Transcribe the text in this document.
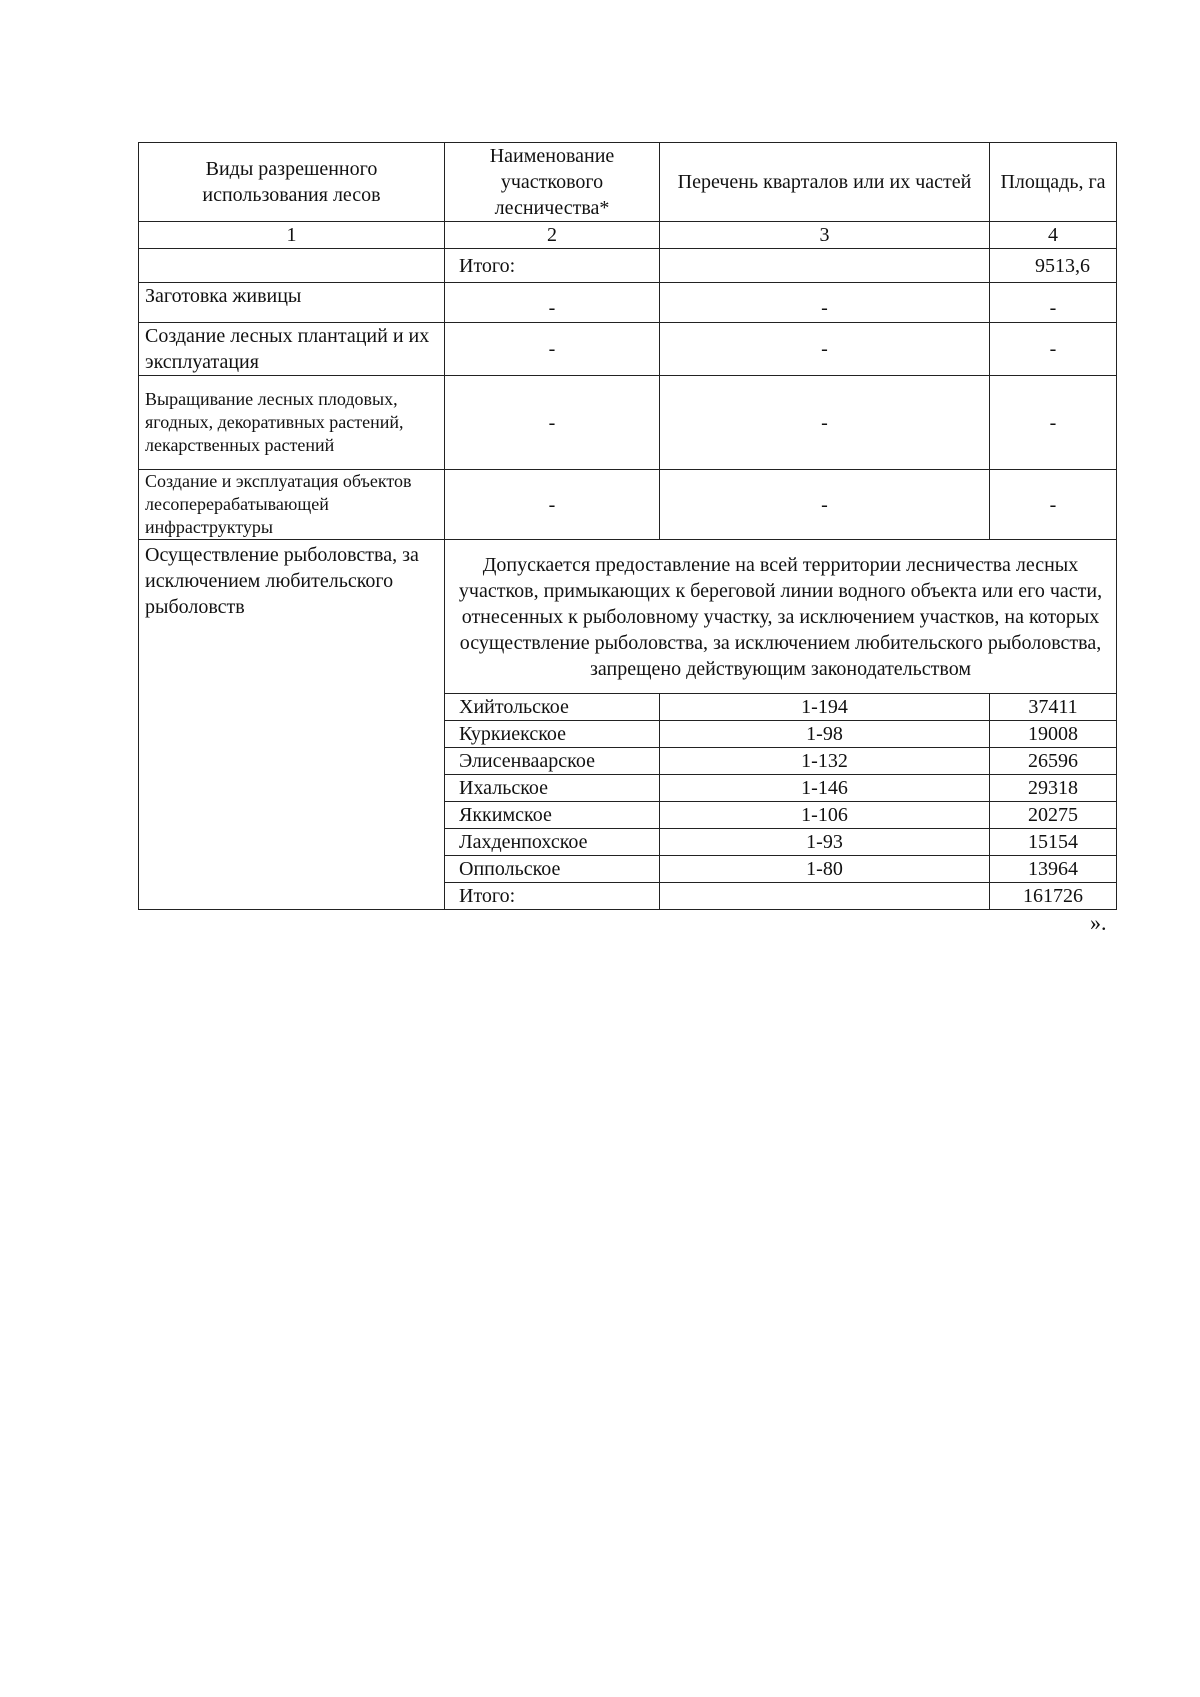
Виды разрешенного использования лесов	Наименование участкового лесничества*	Перечень кварталов или их частей	Площадь, га
1	2	3	4
	Итого:		9513,6
Заготовка живицы	-	-	-
Создание лесных плантаций и их эксплуатация	-	-	-
Выращивание лесных плодовых, ягодных, декоративных растений, лекарственных растений	-	-	-
Создание и эксплуатация объектов лесоперерабатывающей инфраструктуры	-	-	-
Осуществление рыболовства, за исключением любительского рыболовств	Допускается предоставление на всей территории лесничества лесных участков, примыкающих к береговой линии водного объекта или его части, отнесенных к рыболовному участку, за исключением участков, на которых осуществление рыболовства, за исключением любительского рыболовства, запрещено действующим законодательством		
	Хийтольское	1-194	37411
	Куркиекское	1-98	19008
	Элисенваарское	1-132	26596
	Ихальское	1-146	29318
	Яккимское	1-106	20275
	Лахденпохское	1-93	15154
	Оппольское	1-80	13964
	Итого:		161726
».
